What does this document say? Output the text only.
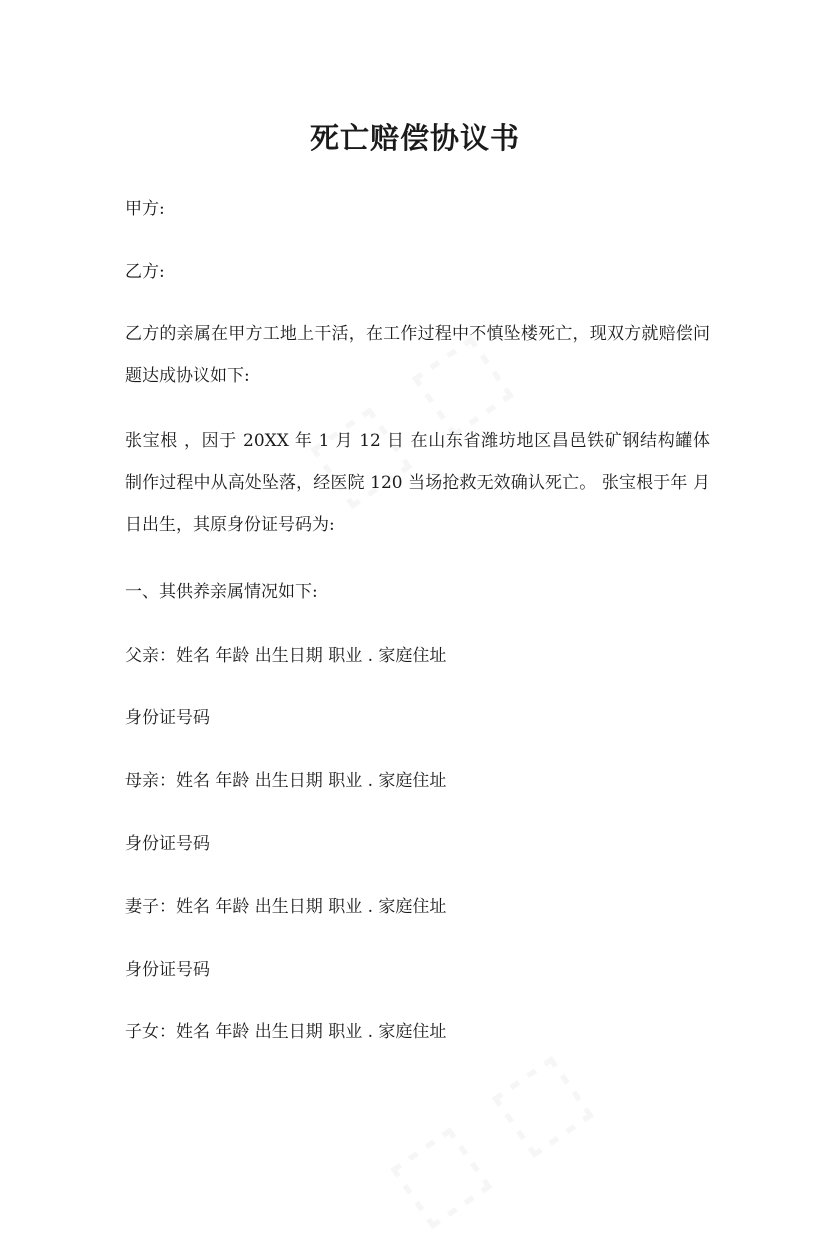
死亡赔偿协议书

甲方:

乙方:

乙方的亲属在甲方工地上干活，在工作过程中不慎坠楼死亡，现双方就赔偿问
题达成协议如下:
张宝根 ，因于 20XX 年 1 月 12 日 在山东省潍坊地区昌邑铁矿钢结构罐体
制作过程中从高处坠落，经医院 120 当场抢救无效确认死亡。 张宝根于年 月
日出生，其原身份证号码为:

一、其供养亲属情况如下:

父亲：姓名 年龄 出生日期 职业 . 家庭住址

身份证号码

母亲：姓名 年龄 出生日期 职业 . 家庭住址

身份证号码

妻子：姓名 年龄 出生日期 职业 . 家庭住址

身份证号码

子女：姓名 年龄 出生日期 职业 . 家庭住址
